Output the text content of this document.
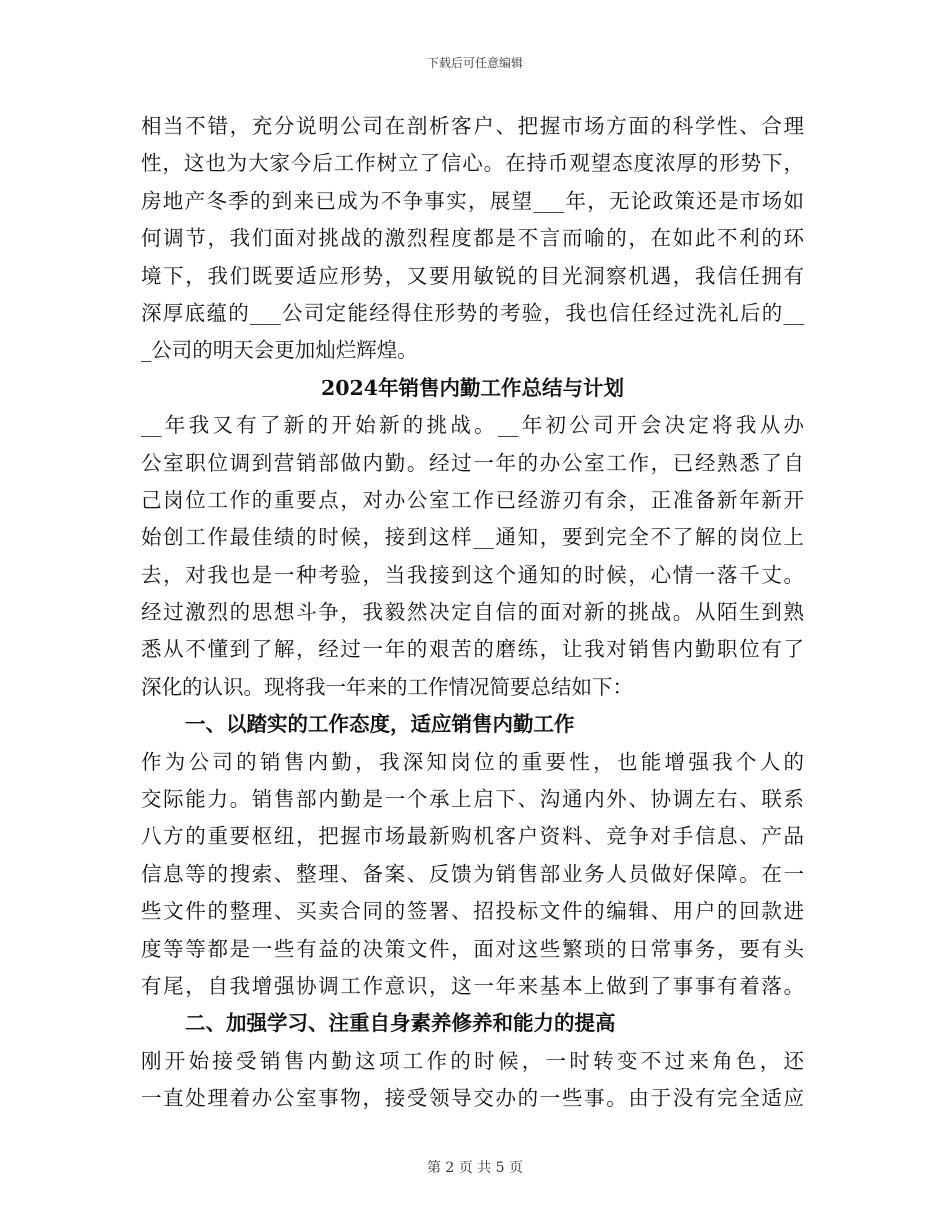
下载后可任意编辑
相当不错，充分说明公司在剖析客户、把握市场方面的科学性、合理
性，这也为大家今后工作树立了信心。在持币观望态度浓厚的形势下，
房地产冬季的到来已成为不争事实，展望___年，无论政策还是市场如
何调节，我们面对挑战的激烈程度都是不言而喻的，在如此不利的环
境下，我们既要适应形势，又要用敏锐的目光洞察机遇，我信任拥有
深厚底蕴的___公司定能经得住形势的考验，我也信任经过洗礼后的__
_公司的明天会更加灿烂辉煌。
2024年销售内勤工作总结与计划
__年我又有了新的开始新的挑战。__年初公司开会决定将我从办
公室职位调到营销部做内勤。经过一年的办公室工作，已经熟悉了自
己岗位工作的重要点，对办公室工作已经游刃有余，正准备新年新开
始创工作最佳绩的时候，接到这样__通知，要到完全不了解的岗位上
去，对我也是一种考验，当我接到这个通知的时候，心情一落千丈。
经过激烈的思想斗争，我毅然决定自信的面对新的挑战。从陌生到熟
悉从不懂到了解，经过一年的艰苦的磨练，让我对销售内勤职位有了
深化的认识。现将我一年来的工作情况简要总结如下：
一、以踏实的工作态度，适应销售内勤工作
作为公司的销售内勤，我深知岗位的重要性，也能增强我个人的
交际能力。销售部内勤是一个承上启下、沟通内外、协调左右、联系
八方的重要枢纽，把握市场最新购机客户资料、竞争对手信息、产品
信息等的搜索、整理、备案、反馈为销售部业务人员做好保障。在一
些文件的整理、买卖合同的签署、招投标文件的编辑、用户的回款进
度等等都是一些有益的决策文件，面对这些繁琐的日常事务，要有头
有尾，自我增强协调工作意识，这一年来基本上做到了事事有着落。
二、加强学习、注重自身素养修养和能力的提高
刚开始接受销售内勤这项工作的时候，一时转变不过来角色，还
一直处理着办公室事物，接受领导交办的一些事。由于没有完全适应
第 2 页 共 5 页
